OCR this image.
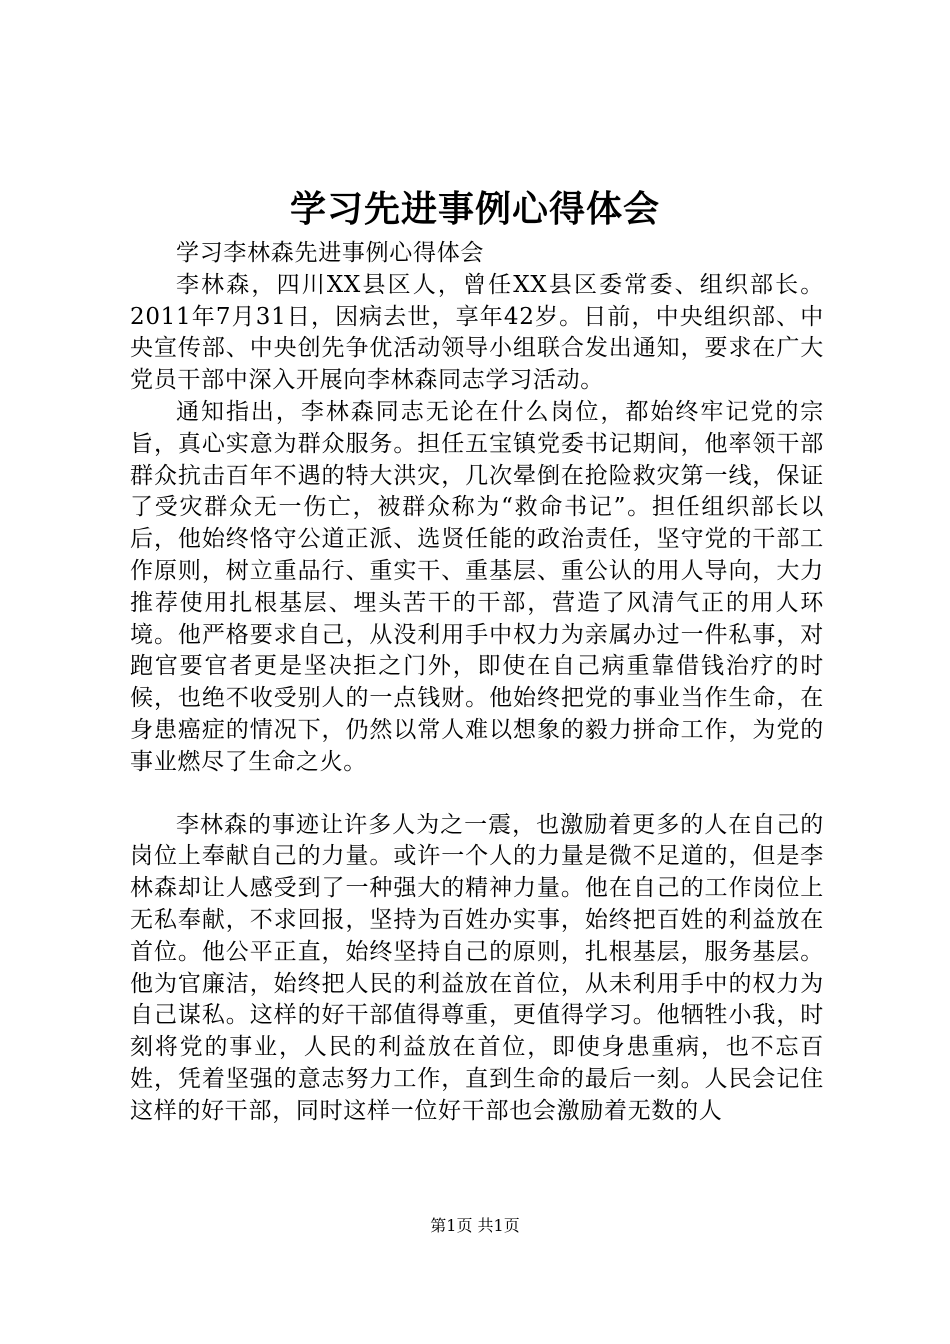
学习先进事例心得体会

学习李林森先进事例心得体会

李林森，四川XX县区人，曾任XX县区委常委、组织部长。2011年7月31日，因病去世，享年42岁。日前，中央组织部、中央宣传部、中央创先争优活动领导小组联合发出通知，要求在广大党员干部中深入开展向李林森同志学习活动。

通知指出，李林森同志无论在什么岗位，都始终牢记党的宗旨，真心实意为群众服务。担任五宝镇党委书记期间，他率领干部群众抗击百年不遇的特大洪灾，几次晕倒在抢险救灾第一线，保证了受灾群众无一伤亡，被群众称为“救命书记”。担任组织部长以后，他始终恪守公道正派、选贤任能的政治责任，坚守党的干部工作原则，树立重品行、重实干、重基层、重公认的用人导向，大力推荐使用扎根基层、埋头苦干的干部，营造了风清气正的用人环境。他严格要求自己，从没利用手中权力为亲属办过一件私事，对跑官要官者更是坚决拒之门外，即使在自己病重靠借钱治疗的时候，也绝不收受别人的一点钱财。他始终把党的事业当作生命，在身患癌症的情况下，仍然以常人难以想象的毅力拼命工作，为党的事业燃尽了生命之火。

李林森的事迹让许多人为之一震，也激励着更多的人在自己的岗位上奉献自己的力量。或许一个人的力量是微不足道的，但是李林森却让人感受到了一种强大的精神力量。他在自己的工作岗位上无私奉献，不求回报，坚持为百姓办实事，始终把百姓的利益放在首位。他公平正直，始终坚持自己的原则，扎根基层，服务基层。他为官廉洁，始终把人民的利益放在首位，从未利用手中的权力为自己谋私。这样的好干部值得尊重，更值得学习。他牺牲小我，时刻将党的事业，人民的利益放在首位，即使身患重病，也不忘百姓，凭着坚强的意志努力工作，直到生命的最后一刻。人民会记住这样的好干部，同时这样一位好干部也会激励着无数的人

第1页 共1页
